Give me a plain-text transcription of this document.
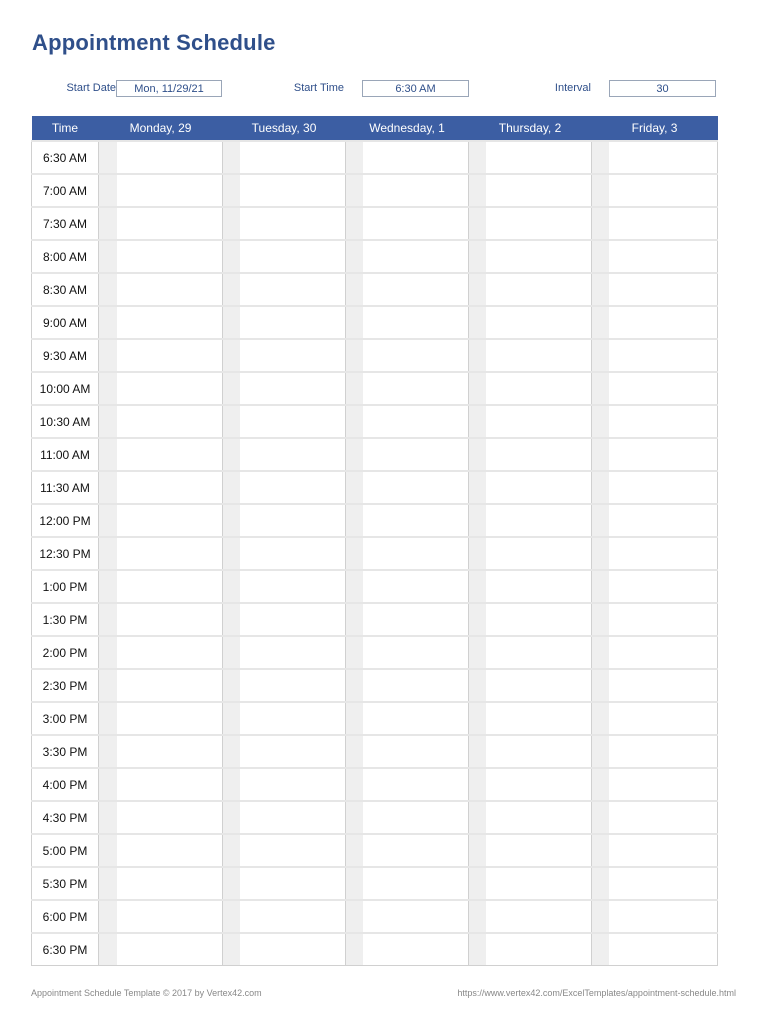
Appointment Schedule
Start Date	Mon, 11/29/21	Start Time	6:30 AM	Interval	30
Time	Monday, 29		Tuesday, 30		Wednesday, 1		Thursday, 2		Friday, 3	
6:30 AM										
7:00 AM										
7:30 AM										
8:00 AM										
8:30 AM										
9:00 AM										
9:30 AM										
10:00 AM										
10:30 AM										
11:00 AM										
11:30 AM										
12:00 PM										
12:30 PM										
1:00 PM										
1:30 PM										
2:00 PM										
2:30 PM										
3:00 PM										
3:30 PM										
4:00 PM										
4:30 PM										
5:00 PM										
5:30 PM										
6:00 PM										
6:30 PM										
Appointment Schedule Template © 2017 by Vertex42.com	https://www.vertex42.com/ExcelTemplates/appointment-schedule.html
